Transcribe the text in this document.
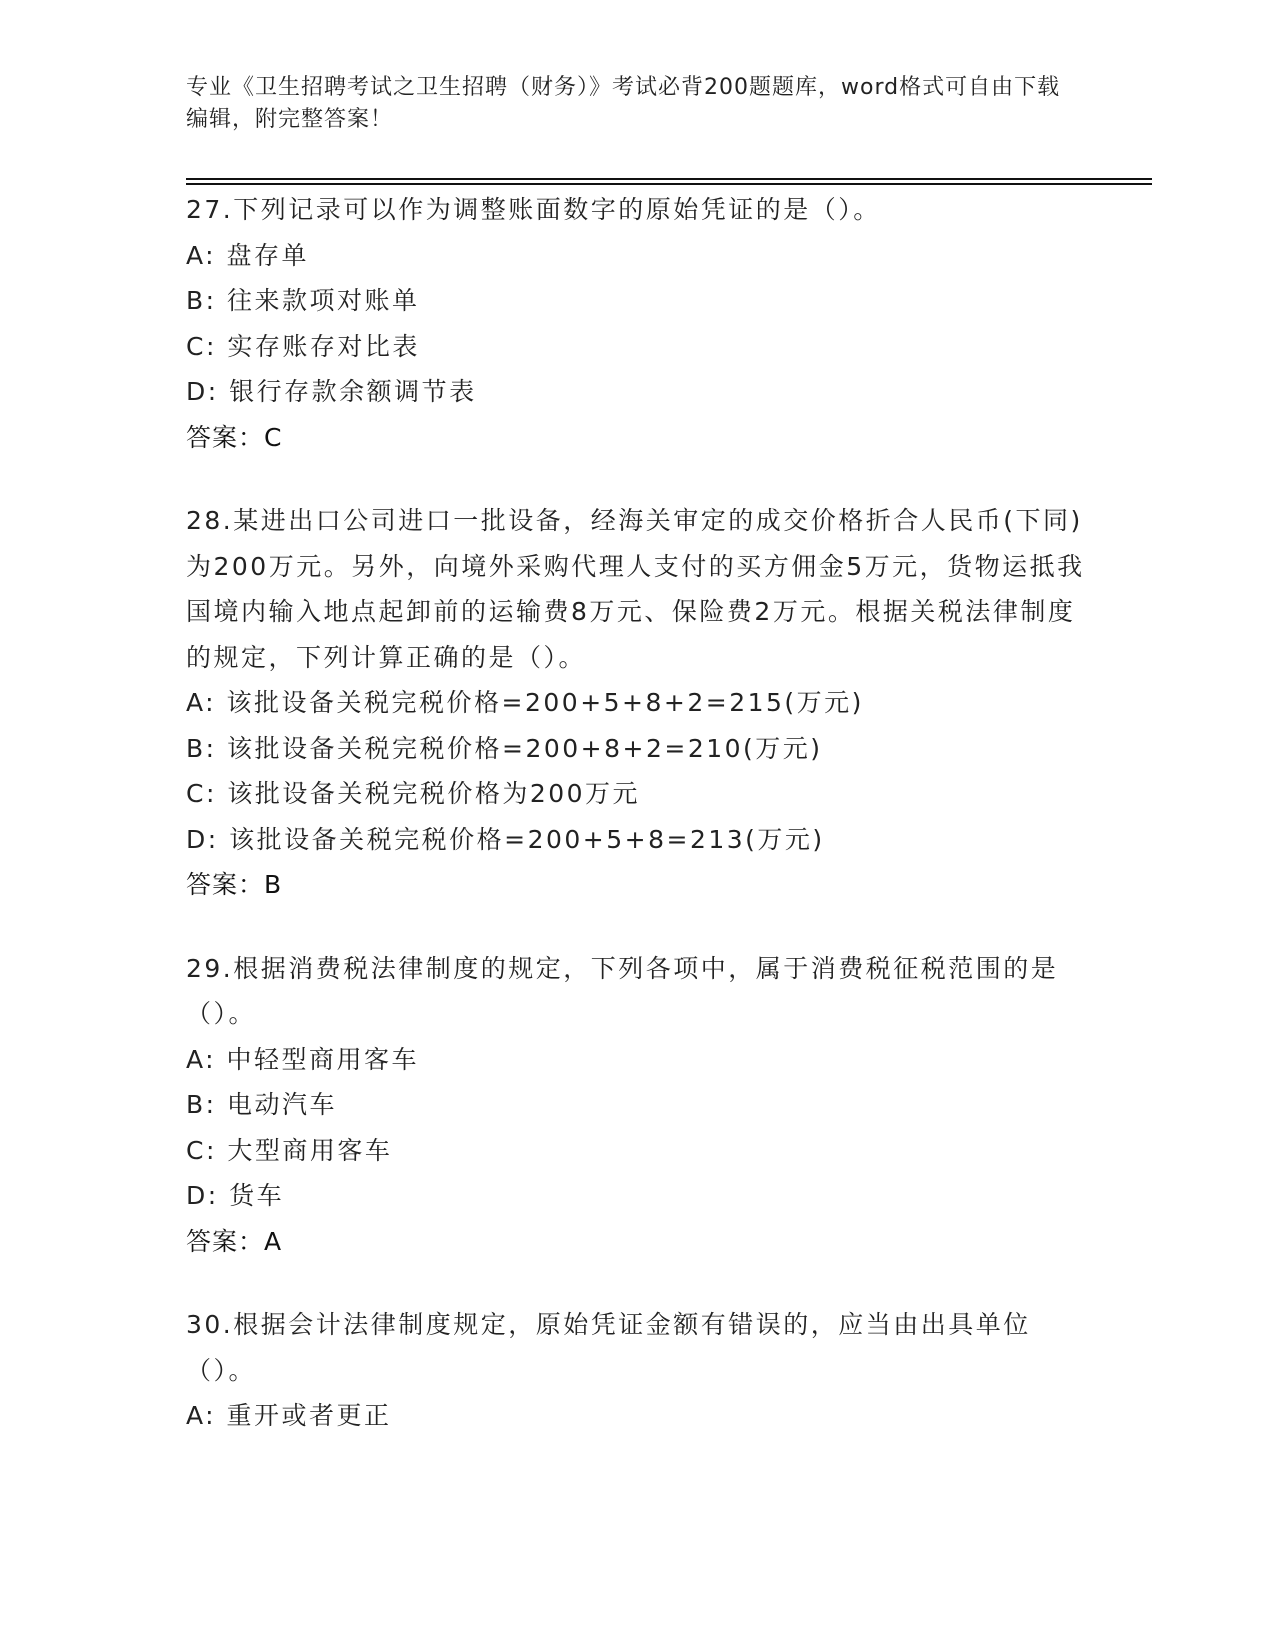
专业《卫生招聘考试之卫生招聘（财务）》考试必背200题题库，word格式可自由下载编辑，附完整答案！

27.下列记录可以作为调整账面数字的原始凭证的是（）。

A: 盘存单
B: 往来款项对账单
C: 实存账存对比表
D: 银行存款余额调节表

答案：C

28.某进出口公司进口一批设备，经海关审定的成交价格折合人民币(下同)为200万元。另外，向境外采购代理人支付的买方佣金5万元，货物运抵我国境内输入地点起卸前的运输费8万元、保险费2万元。根据关税法律制度的规定，下列计算正确的是（）。

A: 该批设备关税完税价格=200+5+8+2=215(万元)
B: 该批设备关税完税价格=200+8+2=210(万元)
C: 该批设备关税完税价格为200万元
D: 该批设备关税完税价格=200+5+8=213(万元)

答案：B

29.根据消费税法律制度的规定，下列各项中，属于消费税征税范围的是（）。

A: 中轻型商用客车
B: 电动汽车
C: 大型商用客车
D: 货车

答案：A

30.根据会计法律制度规定，原始凭证金额有错误的，应当由出具单位（）。

A: 重开或者更正
